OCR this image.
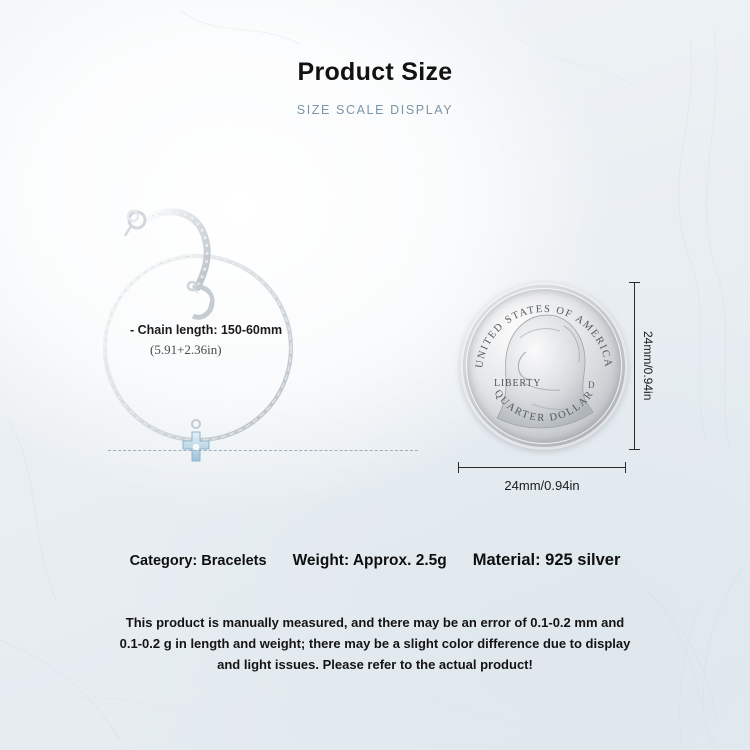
Product Size
SIZE SCALE DISPLAY
- Chain length: 150-60mm
(5.91+2.36in)
UNITED STATES OF AMERICA
QUARTER DOLLAR
LIBERTY	D	24mm/0.94in
24mm/0.94in
Category: Bracelets Weight: Approx. 2.5g Material: 925 silver
This product is manually measured, and there may be an error of 0.1-0.2 mm and 0.1-0.2 g in length and weight; there may be a slight color difference due to display and light issues. Please refer to the actual product!
